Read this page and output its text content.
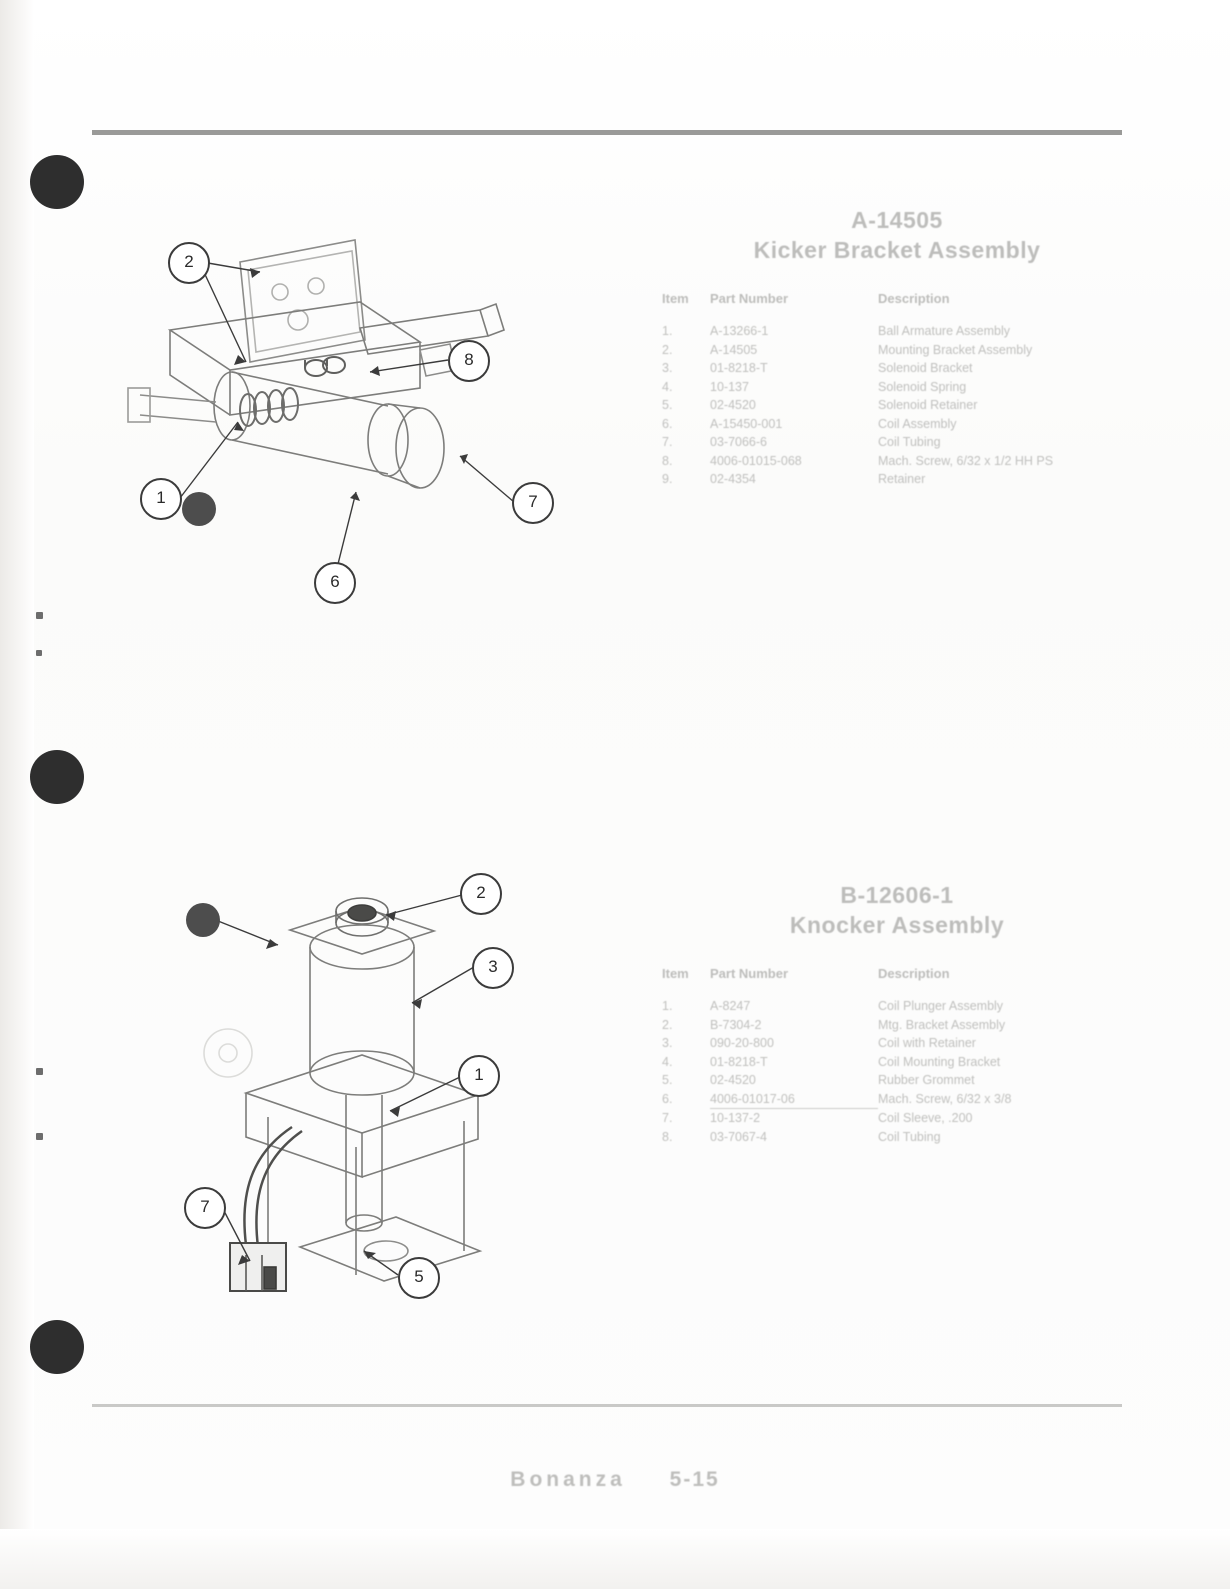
2
8
1	7
6
A-14505
Kicker Bracket Assembly
Item	Part Number	Description
1.	A-13266-1	Ball Armature Assembly
2.	A-14505	Mounting Bracket Assembly
3.	01-8218-T	Solenoid Bracket
4.	10-137	Solenoid Spring
5.	02-4520	Solenoid Retainer
6.	A-15450-001	Coil Assembly
7.	03-7066-6	Coil Tubing
8.	4006-01015-068	Mach. Screw, 6/32 x 1/2 HH PS
9.	02-4354	Retainer
2
3
1
7
5
B-12606-1
Knocker Assembly
Item	Part Number	Description
1.	A-8247	Coil Plunger Assembly
2.	B-7304-2	Mtg. Bracket Assembly
3.	090-20-800	Coil with Retainer
4.	01-8218-T	Coil Mounting Bracket
5.	02-4520	Rubber Grommet
6.	4006-01017-06	Mach. Screw, 6/32 x 3/8
7.	10-137-2	Coil Sleeve, .200
8.	03-7067-4	Coil Tubing
Bonanza 5-15
